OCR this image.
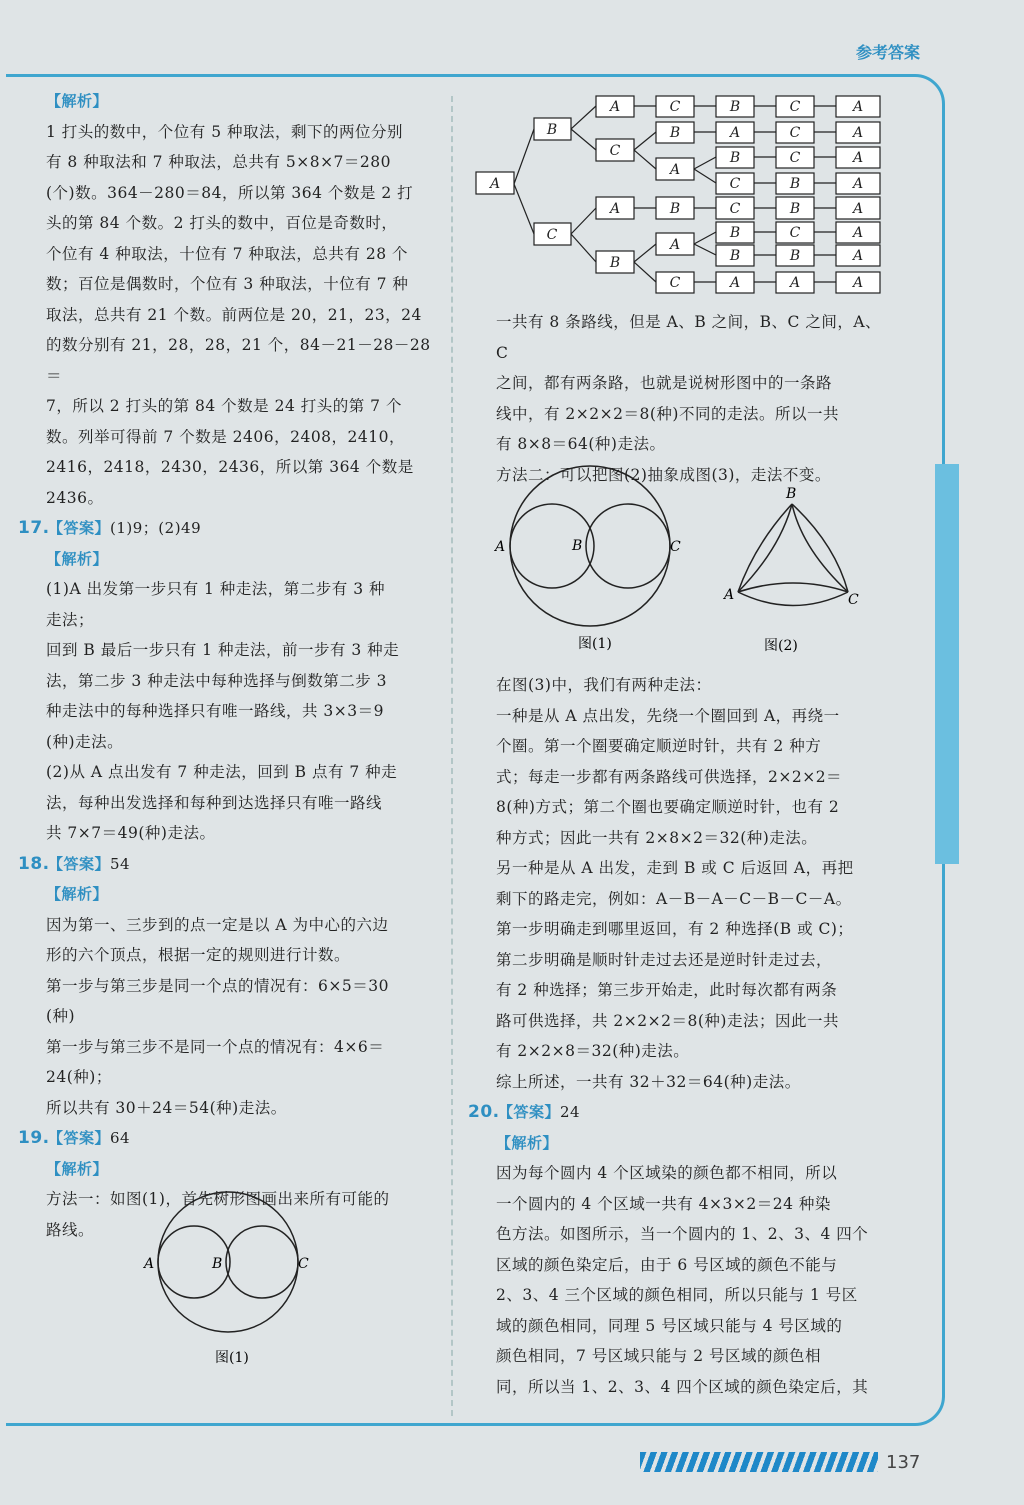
参考答案

【解析】

1 打头的数中，个位有 5 种取法，剩下的两位分别

有 8 种取法和 7 种取法，总共有 5×8×7＝280

(个)数。364－280＝84，所以第 364 个数是 2 打

头的第 84 个数。2 打头的数中，百位是奇数时，

个位有 4 种取法，十位有 7 种取法，总共有 28 个

数；百位是偶数时，个位有 3 种取法，十位有 7 种

取法，总共有 21 个数。前两位是 20，21，23，24

的数分别有 21，28，28，21 个，84－21－28－28＝

7，所以 2 打头的第 84 个数是 24 打头的第 7 个

数。列举可得前 7 个数是 2406，2408，2410，

2416，2418，2430，2436，所以第 364 个数是 2436。

17.【答案】(1)9；(2)49

【解析】

(1)A 出发第一步只有 1 种走法，第二步有 3 种

走法；

回到 B 最后一步只有 1 种走法，前一步有 3 种走

法，第二步 3 种走法中每种选择与倒数第二步 3

种走法中的每种选择只有唯一路线，共 3×3＝9

(种)走法。

(2)从 A 点出发有 7 种走法，回到 B 点有 7 种走

法，每种出发选择和每种到达选择只有唯一路线

共 7×7＝49(种)走法。

18.【答案】54

【解析】

因为第一、三步到的点一定是以 A 为中心的六边

形的六个顶点，根据一定的规则进行计数。

第一步与第三步是同一个点的情况有：6×5＝30

(种)

第一步与第三步不是同一个点的情况有：4×6＝

24(种)；

所以共有 30＋24＝54(种)走法。

19.【答案】64

【解析】

方法一：如图(1)，首先树形图画出来所有可能的

路线。

A	B	C
图(1)
A
B
C
A
C
A
B
C
B
A
B
A
C
B
A
B
C
C
B
B
A
C
C
C
B
B
C
B
A
A
A
A
A
A
A
A
A

一共有 8 条路线，但是 A、B 之间，B、C 之间，A、C

之间，都有两条路，也就是说树形图中的一条路

线中，有 2×2×2＝8(种)不同的走法。所以一共

有 8×8＝64(种)走法。

方法二：可以把图(2)抽象成图(3)，走法不变。

A	B	C
图(1)
B
A	C
图(2)

在图(3)中，我们有两种走法：

一种是从 A 点出发，先绕一个圈回到 A，再绕一

个圈。第一个圈要确定顺逆时针，共有 2 种方

式；每走一步都有两条路线可供选择，2×2×2＝

8(种)方式；第二个圈也要确定顺逆时针，也有 2

种方式；因此一共有 2×8×2＝32(种)走法。

另一种是从 A 出发，走到 B 或 C 后返回 A，再把

剩下的路走完，例如：A－B－A－C－B－C－A。

第一步明确走到哪里返回，有 2 种选择(B 或 C)；

第二步明确是顺时针走过去还是逆时针走过去，

有 2 种选择；第三步开始走，此时每次都有两条

路可供选择，共 2×2×2＝8(种)走法；因此一共

有 2×2×8＝32(种)走法。

综上所述，一共有 32＋32＝64(种)走法。

20.【答案】24

【解析】

因为每个圆内 4 个区域染的颜色都不相同，所以

一个圆内的 4 个区域一共有 4×3×2＝24 种染

色方法。如图所示，当一个圆内的 1、2、3、4 四个

区域的颜色染定后，由于 6 号区域的颜色不能与

2、3、4 三个区域的颜色相同，所以只能与 1 号区

域的颜色相同，同理 5 号区域只能与 4 号区域的

颜色相同，7 号区域只能与 2 号区域的颜色相

同，所以当 1、2、3、4 四个区域的颜色染定后，其

137
